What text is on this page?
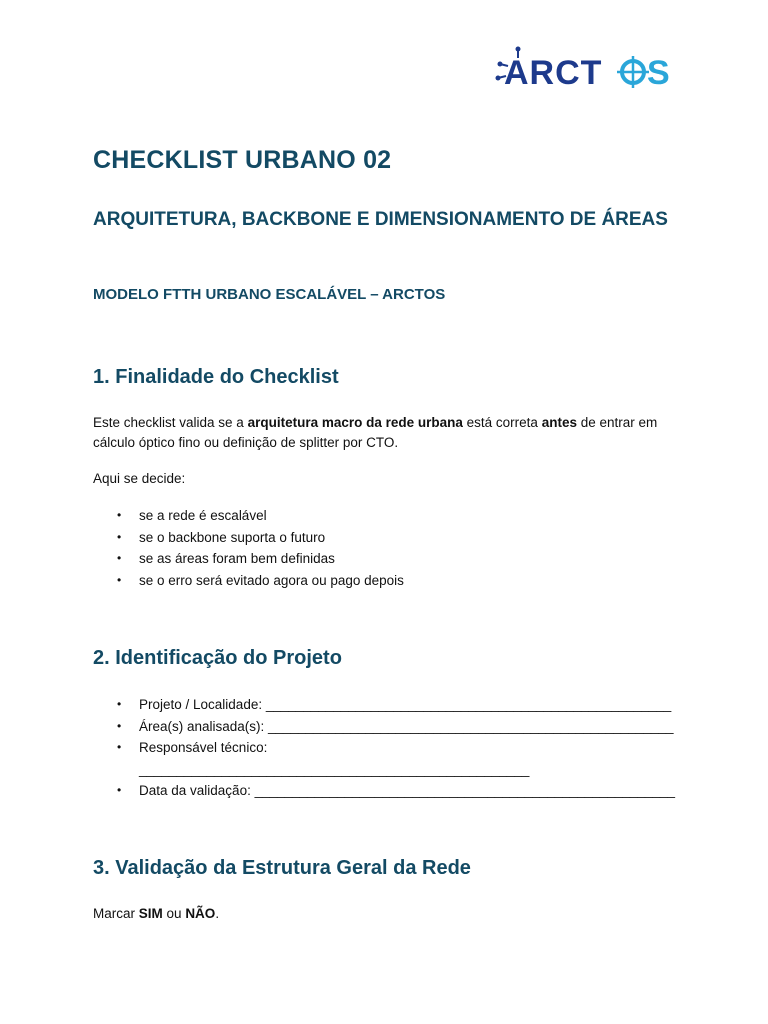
ARCT S
CHECKLIST URBANO 02
ARQUITETURA, BACKBONE E DIMENSIONAMENTO DE ÁREAS
MODELO FTTH URBANO ESCALÁVEL – ARCTOS
1. Finalidade do Checklist
Este checklist valida se a arquitetura macro da rede urbana está correta antes de entrar em cálculo óptico fino ou definição de splitter por CTO.
Aqui se decide:
• se a rede é escalável
• se o backbone suporta o futuro
• se as áreas foram bem definidas
• se o erro será evitado agora ou pago depois
2. Identificação do Projeto
• Projeto / Localidade: ______________________________________________________
• Área(s) analisada(s): ______________________________________________________
• Responsável técnico:
____________________________________________________
• Data da validação: ________________________________________________________
3. Validação da Estrutura Geral da Rede
Marcar SIM ou NÃO.
